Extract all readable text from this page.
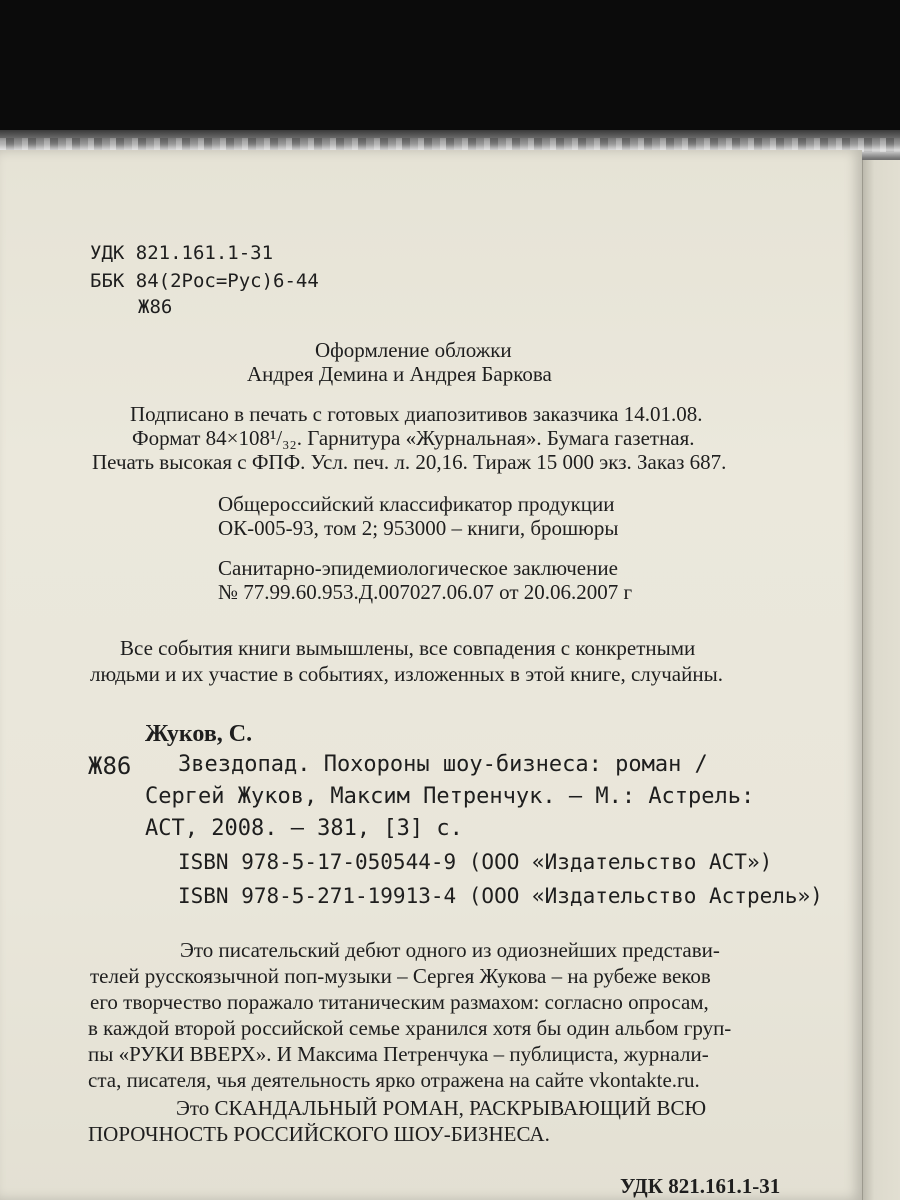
УДК 821.161.1-31
ББК 84(2Рос=Рус)6-44
Ж86
Оформление обложки
Андрея Демина и Андрея Баркова
Подписано в печать с готовых диапозитивов заказчика 14.01.08.
Формат 84×108¹/₃₂. Гарнитура «Журнальная». Бумага газетная.
Печать высокая с ФПФ. Усл. печ. л. 20,16. Тираж 15 000 экз. Заказ 687.
Общероссийский классификатор продукции
ОК-005-93, том 2; 953000 – книги, брошюры
Санитарно-эпидемиологическое заключение
№ 77.99.60.953.Д.007027.06.07 от 20.06.2007 г
Все события книги вымышлены, все совпадения с конкретными
людьми и их участие в событиях, изложенных в этой книге, случайны.
Жуков, С.
Ж86 Звездопад. Похороны шоу-бизнеса: роман /
Сергей Жуков, Максим Петренчук. — М.: Астрель:
АСТ, 2008. — 381, [3] с.
ISBN 978-5-17-050544-9 (ООО «Издательство АСТ»)
ISBN 978-5-271-19913-4 (ООО «Издательство Астрель»)
Это писательский дебют одного из одиознейших представи-
телей русскоязычной поп-музыки – Сергея Жукова – на рубеже веков
его творчество поражало титаническим размахом: согласно опросам,
в каждой второй российской семье хранился хотя бы один альбом груп-
пы «РУКИ ВВЕРХ». И Максима Петренчука – публициста, журнали-
ста, писателя, чья деятельность ярко отражена на сайте vkontakte.ru.
Это СКАНДАЛЬНЫЙ РОМАН, РАСКРЫВАЮЩИЙ ВСЮ
ПОРОЧНОСТЬ РОССИЙСКОГО ШОУ-БИЗНЕСА.
УДК 821.161.1-31
